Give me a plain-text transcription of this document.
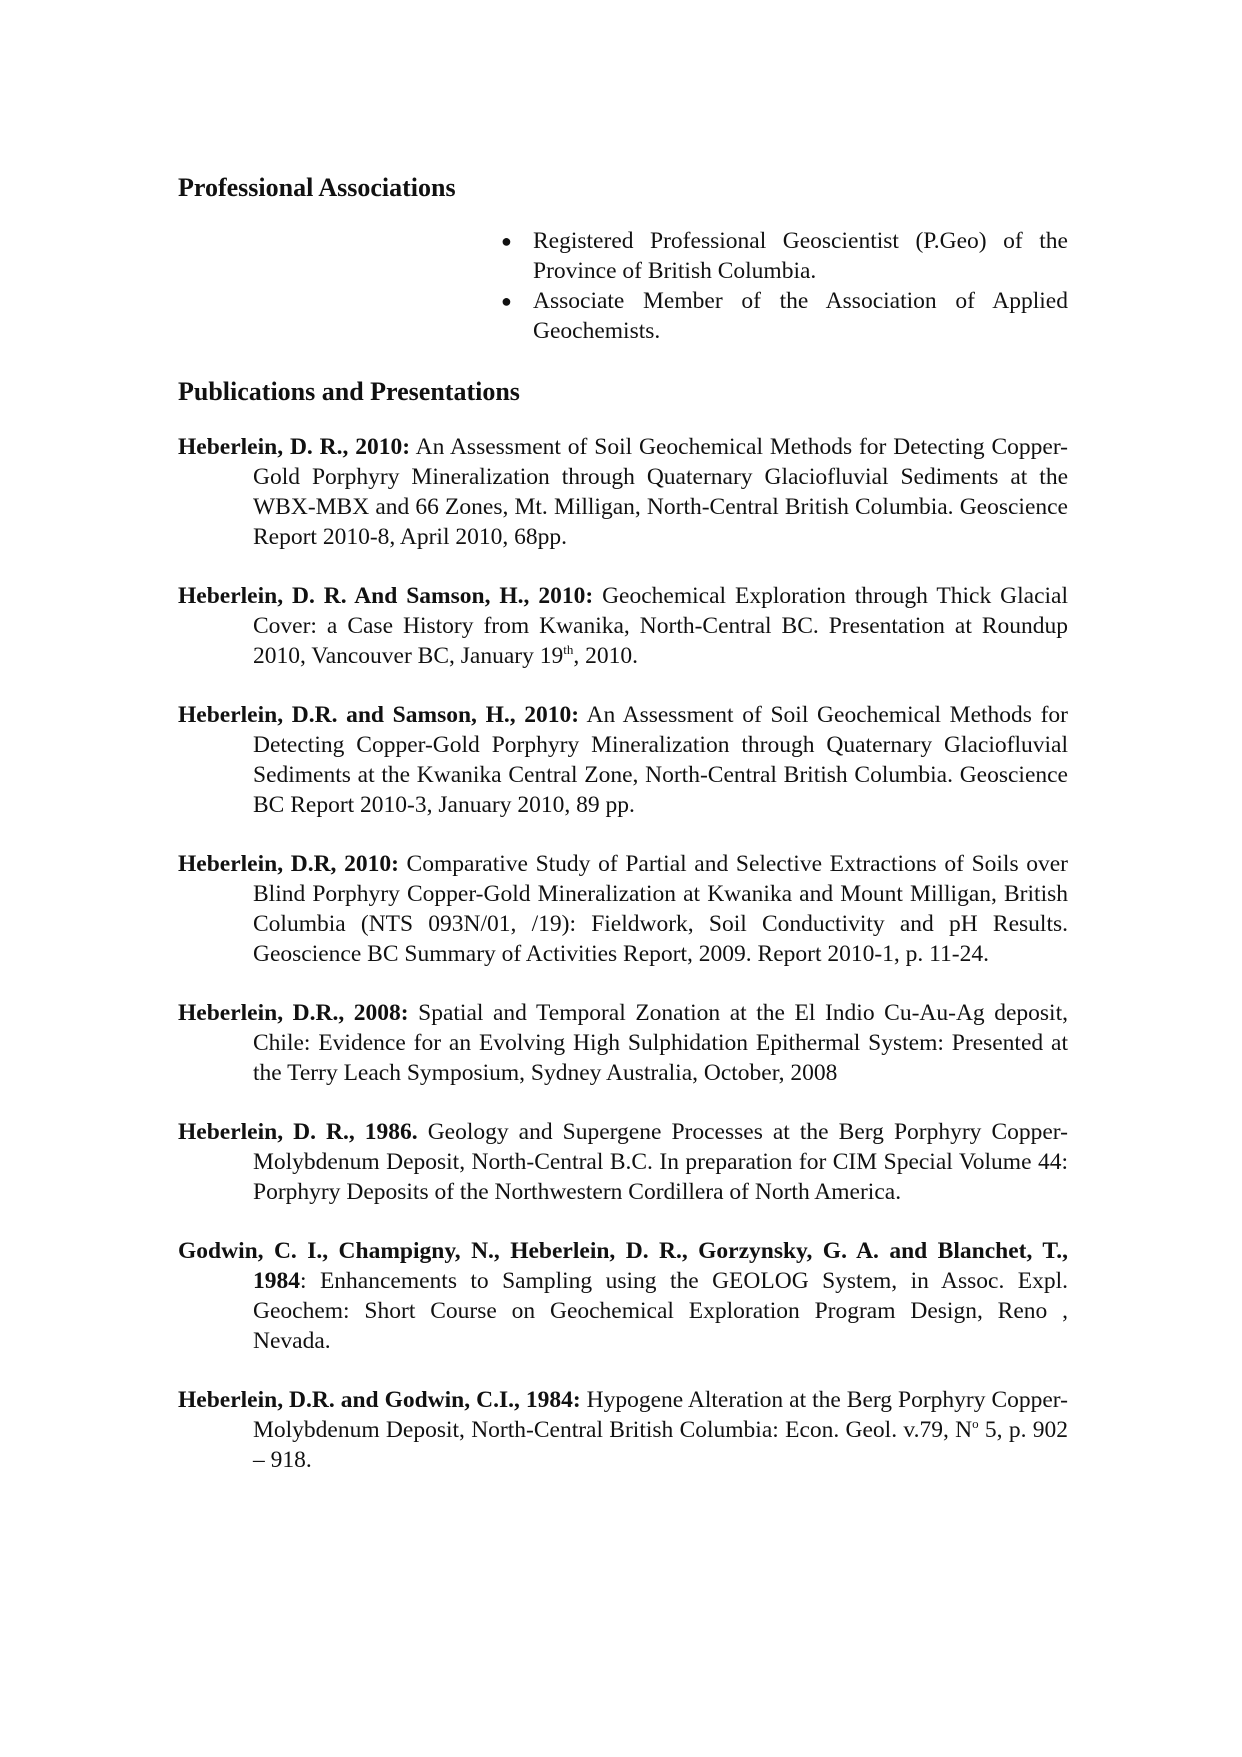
Professional Associations
● Registered Professional Geoscientist (P.Geo) of the Province of British Columbia.
● Associate Member of the Association of Applied Geochemists.
Publications and Presentations

Heberlein, D. R., 2010: An Assessment of Soil Geochemical Methods for Detecting Copper-Gold Porphyry Mineralization through Quaternary Glaciofluvial Sediments at the WBX-MBX and 66 Zones, Mt. Milligan, North-Central British Columbia. Geoscience Report 2010-8, April 2010, 68pp.

Heberlein, D. R. And Samson, H., 2010: Geochemical Exploration through Thick Glacial Cover: a Case History from Kwanika, North-Central BC. Presentation at Roundup 2010, Vancouver BC, January 19th, 2010.

Heberlein, D.R. and Samson, H., 2010: An Assessment of Soil Geochemical Methods for Detecting Copper-Gold Porphyry Mineralization through Quaternary Glaciofluvial Sediments at the Kwanika Central Zone, North-Central British Columbia. Geoscience BC Report 2010-3, January 2010, 89 pp.

Heberlein, D.R, 2010: Comparative Study of Partial and Selective Extractions of Soils over Blind Porphyry Copper-Gold Mineralization at Kwanika and Mount Milligan, British Columbia (NTS 093N/01, /19): Fieldwork, Soil Conductivity and pH Results. Geoscience BC Summary of Activities Report, 2009. Report 2010-1, p. 11-24.

Heberlein, D.R., 2008: Spatial and Temporal Zonation at the El Indio Cu-Au-Ag deposit, Chile: Evidence for an Evolving High Sulphidation Epithermal System: Presented at the Terry Leach Symposium, Sydney Australia, October, 2008

Heberlein, D. R., 1986. Geology and Supergene Processes at the Berg Porphyry Copper-Molybdenum Deposit, North-Central B.C. In preparation for CIM Special Volume 44: Porphyry Deposits of the Northwestern Cordillera of North America.

Godwin, C. I., Champigny, N., Heberlein, D. R., Gorzynsky, G. A. and Blanchet, T., 1984: Enhancements to Sampling using the GEOLOG System, in Assoc. Expl. Geochem: Short Course on Geochemical Exploration Program Design, Reno , Nevada.

Heberlein, D.R. and Godwin, C.I., 1984: Hypogene Alteration at the Berg Porphyry Copper-Molybdenum Deposit, North-Central British Columbia: Econ. Geol. v.79, $N^o$ 5, p. 902 – 918.
